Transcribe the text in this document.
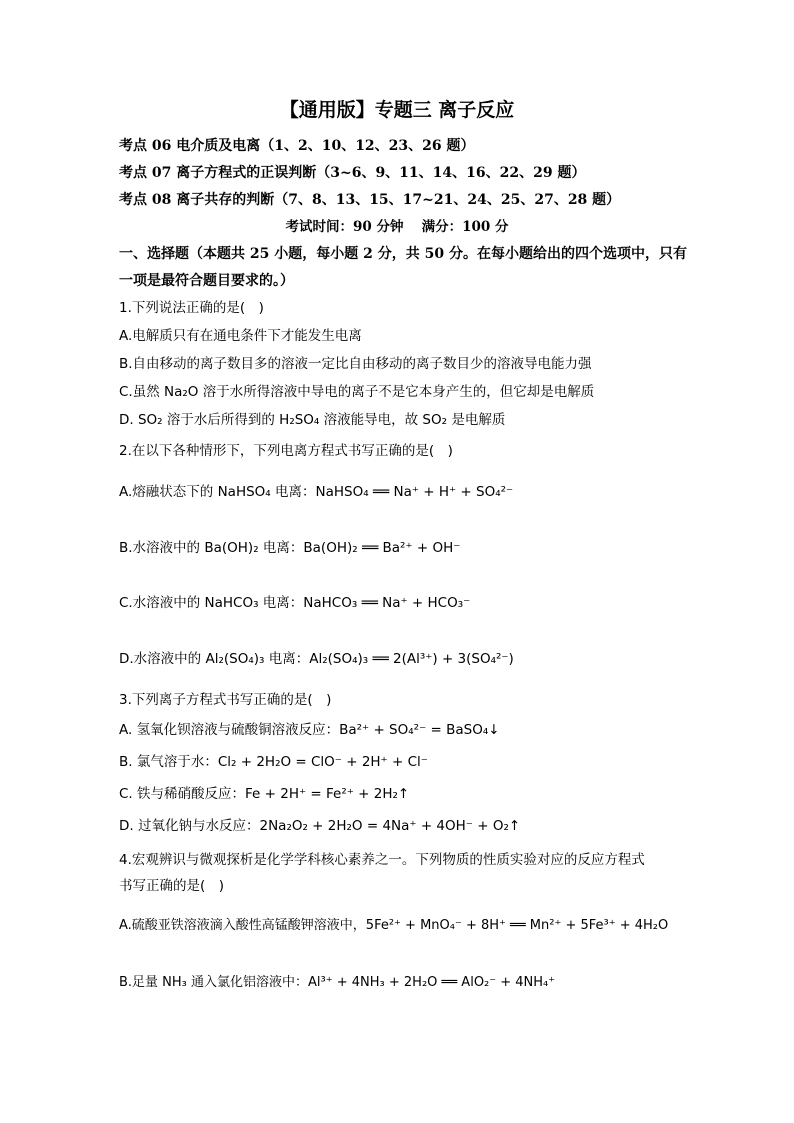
【通用版】专题三 离子反应
考点 06 电介质及电离（1、2、10、12、23、26 题）
考点 07 离子方程式的正误判断（3~6、9、11、14、16、22、29 题）
考点 08 离子共存的判断（7、8、13、15、17~21、24、25、27、28 题）
考试时间：90 分钟　 满分：100 分
一、选择题（本题共 25 小题，每小题 2 分，共 50 分。在每小题给出的四个选项中，只有
一项是最符合题目要求的。）
1.下列说法正确的是(　)
A.电解质只有在通电条件下才能发生电离
B.自由移动的离子数目多的溶液一定比自由移动的离子数目少的溶液导电能力强
C.虽然 Na₂O 溶于水所得溶液中导电的离子不是它本身产生的，但它却是电解质
D. SO₂ 溶于水后所得到的 H₂SO₄ 溶液能导电，故 SO₂ 是电解质
2.在以下各种情形下，下列电离方程式书写正确的是(　)
A.熔融状态下的 NaHSO₄ 电离：NaHSO₄ ══ Na⁺ + H⁺ + SO₄²⁻
B.水溶液中的 Ba(OH)₂ 电离：Ba(OH)₂ ══ Ba²⁺ + OH⁻
C.水溶液中的 NaHCO₃ 电离：NaHCO₃ ══ Na⁺ + HCO₃⁻
D.水溶液中的 Al₂(SO₄)₃ 电离：Al₂(SO₄)₃ ══ 2(Al³⁺) + 3(SO₄²⁻)
3.下列离子方程式书写正确的是(　)
A. 氢氧化钡溶液与硫酸铜溶液反应：Ba²⁺ + SO₄²⁻ = BaSO₄↓
B. 氯气溶于水：Cl₂ + 2H₂O = ClO⁻ + 2H⁺ + Cl⁻
C. 铁与稀硝酸反应：Fe + 2H⁺ = Fe²⁺ + 2H₂↑
D. 过氧化钠与水反应：2Na₂O₂ + 2H₂O = 4Na⁺ + 4OH⁻ + O₂↑
4.宏观辨识与微观探析是化学学科核心素养之一。下列物质的性质实验对应的反应方程式
书写正确的是(　)
A.硫酸亚铁溶液滴入酸性高锰酸钾溶液中，5Fe²⁺ + MnO₄⁻ + 8H⁺ ══ Mn²⁺ + 5Fe³⁺ + 4H₂O
B.足量 NH₃ 通入氯化铝溶液中：Al³⁺ + 4NH₃ + 2H₂O ══ AlO₂⁻ + 4NH₄⁺
